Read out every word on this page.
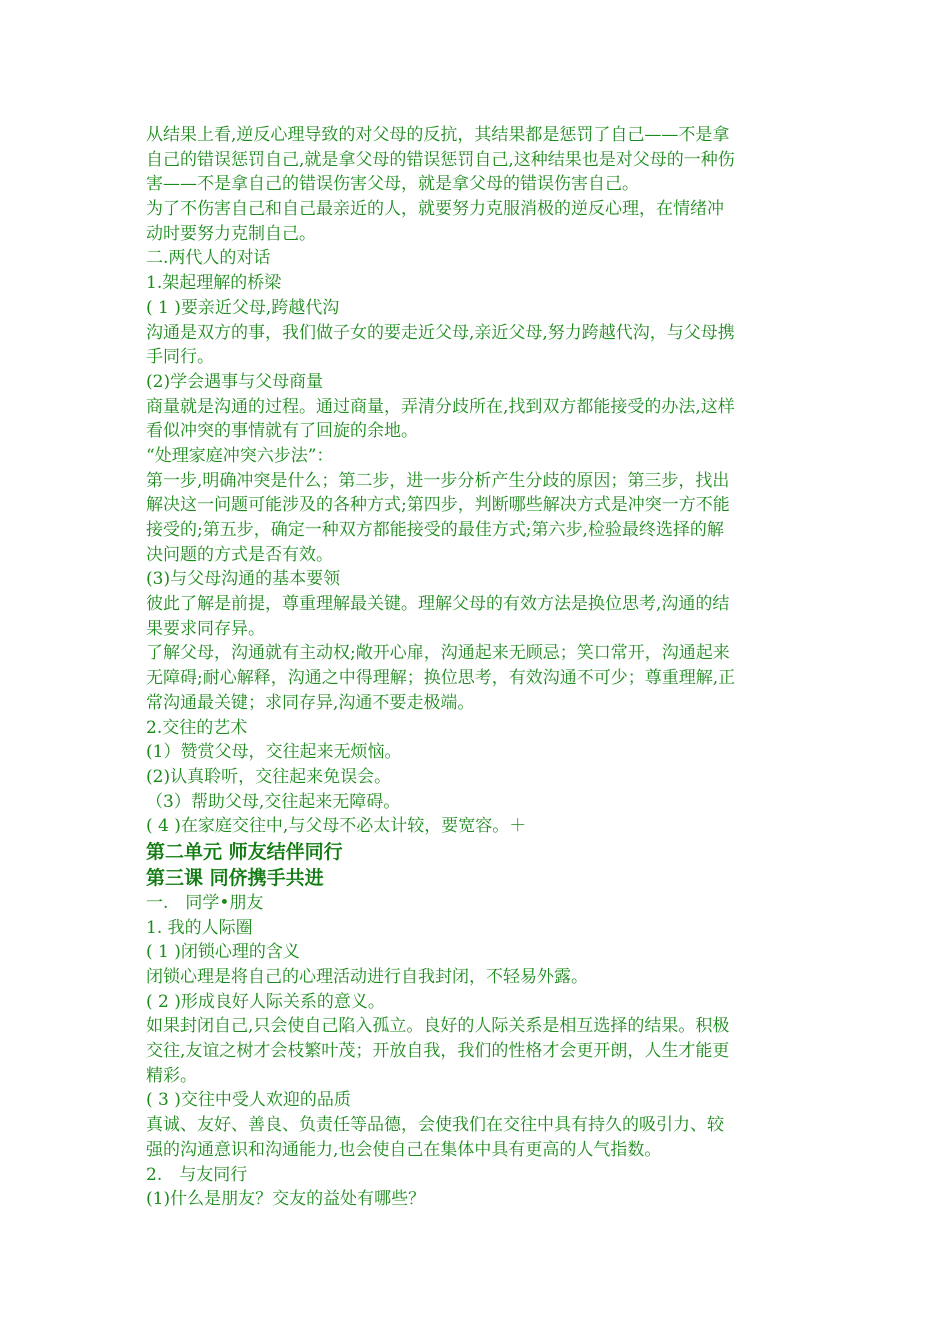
从结果上看,逆反心理导致的对父母的反抗，其结果都是惩罚了自己——不是拿
自己的错误惩罚自己,就是拿父母的错误惩罚自己,这种结果也是对父母的一种伤
害——不是拿自己的错误伤害父母，就是拿父母的错误伤害自己。
为了不伤害自己和自己最亲近的人，就要努力克服消极的逆反心理，在情绪冲
动时要努力克制自己。
二.两代人的对话
1.架起理解的桥梁
( 1 )要亲近父母,跨越代沟
沟通是双方的事，我们做子女的要走近父母,亲近父母,努力跨越代沟，与父母携
手同行。
(2)学会遇事与父母商量
商量就是沟通的过程。通过商量，弄清分歧所在,找到双方都能接受的办法,这样
看似冲突的事情就有了回旋的余地。
“处理家庭冲突六步法”：
第一步,明确冲突是什么；第二步，进一步分析产生分歧的原因；第三步，找出
解决这一问题可能涉及的各种方式;第四步，判断哪些解决方式是冲突一方不能
接受的;第五步，确定一种双方都能接受的最佳方式;第六步,检验最终选择的解
决问题的方式是否有效。
(3)与父母沟通的基本要领
彼此了解是前提，尊重理解最关键。理解父母的有效方法是换位思考,沟通的结
果要求同存异。
了解父母，沟通就有主动权;敞开心扉，沟通起来无顾忌；笑口常开，沟通起来
无障碍;耐心解释，沟通之中得理解；换位思考，有效沟通不可少；尊重理解,正
常沟通最关键；求同存异,沟通不要走极端。
2.交往的艺术
(1）赞赏父母，交往起来无烦恼。
(2)认真聆听，交往起来免误会。
（3）帮助父母,交往起来无障碍。
( 4 )在家庭交往中,与父母不必太计较，要宽容。＋
第二单元 师友结伴同行
第三课 同侪携手共进
一.　同学•朋友
1. 我的人际圈
( 1 )闭锁心理的含义
闭锁心理是将自己的心理活动进行自我封闭，不轻易外露。
( 2 )形成良好人际关系的意义。
如果封闭自己,只会使自己陷入孤立。良好的人际关系是相互选择的结果。积极
交往,友谊之树才会枝繁叶茂；开放自我，我们的性格才会更开朗，人生才能更
精彩。
( 3 )交往中受人欢迎的品质
真诚、友好、善良、负责任等品德，会使我们在交往中具有持久的吸引力、较
强的沟通意识和沟通能力,也会使自己在集体中具有更高的人气指数。
2.　与友同行
(1)什么是朋友？交友的益处有哪些？
